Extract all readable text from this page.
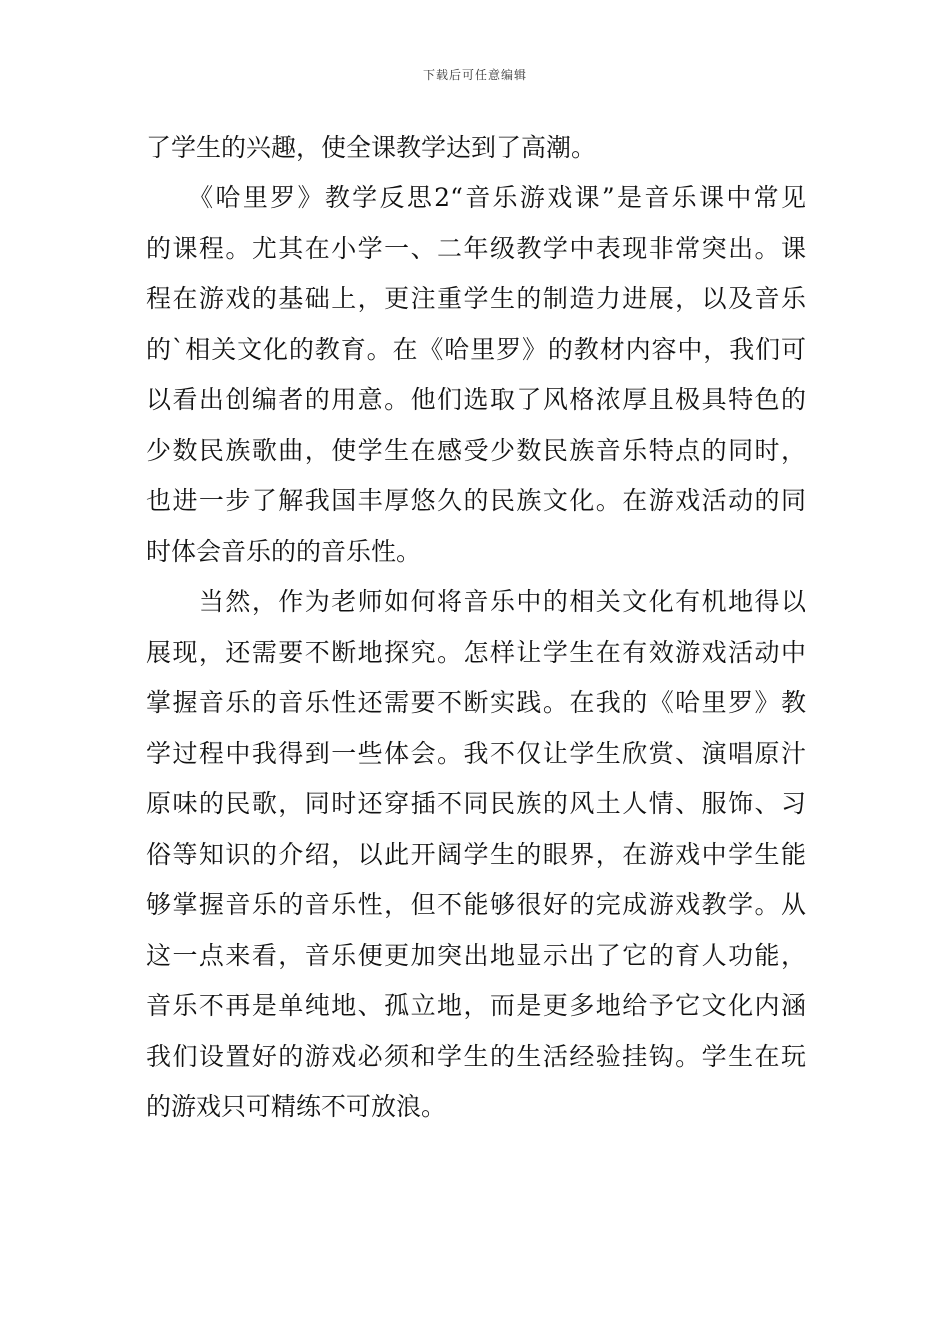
下载后可任意编辑
了学生的兴趣，使全课教学达到了高潮。
　　《哈里罗》教学反思2“音乐游戏课”是音乐课中常见
的课程。尤其在小学一、二年级教学中表现非常突出。课
程在游戏的基础上，更注重学生的制造力进展，以及音乐
的`相关文化的教育。在《哈里罗》的教材内容中，我们可
以看出创编者的用意。他们选取了风格浓厚且极具特色的
少数民族歌曲，使学生在感受少数民族音乐特点的同时，
也进一步了解我国丰厚悠久的民族文化。在游戏活动的同
时体会音乐的的音乐性。
　　当然，作为老师如何将音乐中的相关文化有机地得以
展现，还需要不断地探究。怎样让学生在有效游戏活动中
掌握音乐的音乐性还需要不断实践。在我的《哈里罗》教
学过程中我得到一些体会。我不仅让学生欣赏、演唱原汁
原味的民歌，同时还穿插不同民族的风土人情、服饰、习
俗等知识的介绍，以此开阔学生的眼界，在游戏中学生能
够掌握音乐的音乐性，但不能够很好的完成游戏教学。从
这一点来看，音乐便更加突出地显示出了它的育人功能，
音乐不再是单纯地、孤立地，而是更多地给予它文化内涵
我们设置好的游戏必须和学生的生活经验挂钩。学生在玩
的游戏只可精练不可放浪。
